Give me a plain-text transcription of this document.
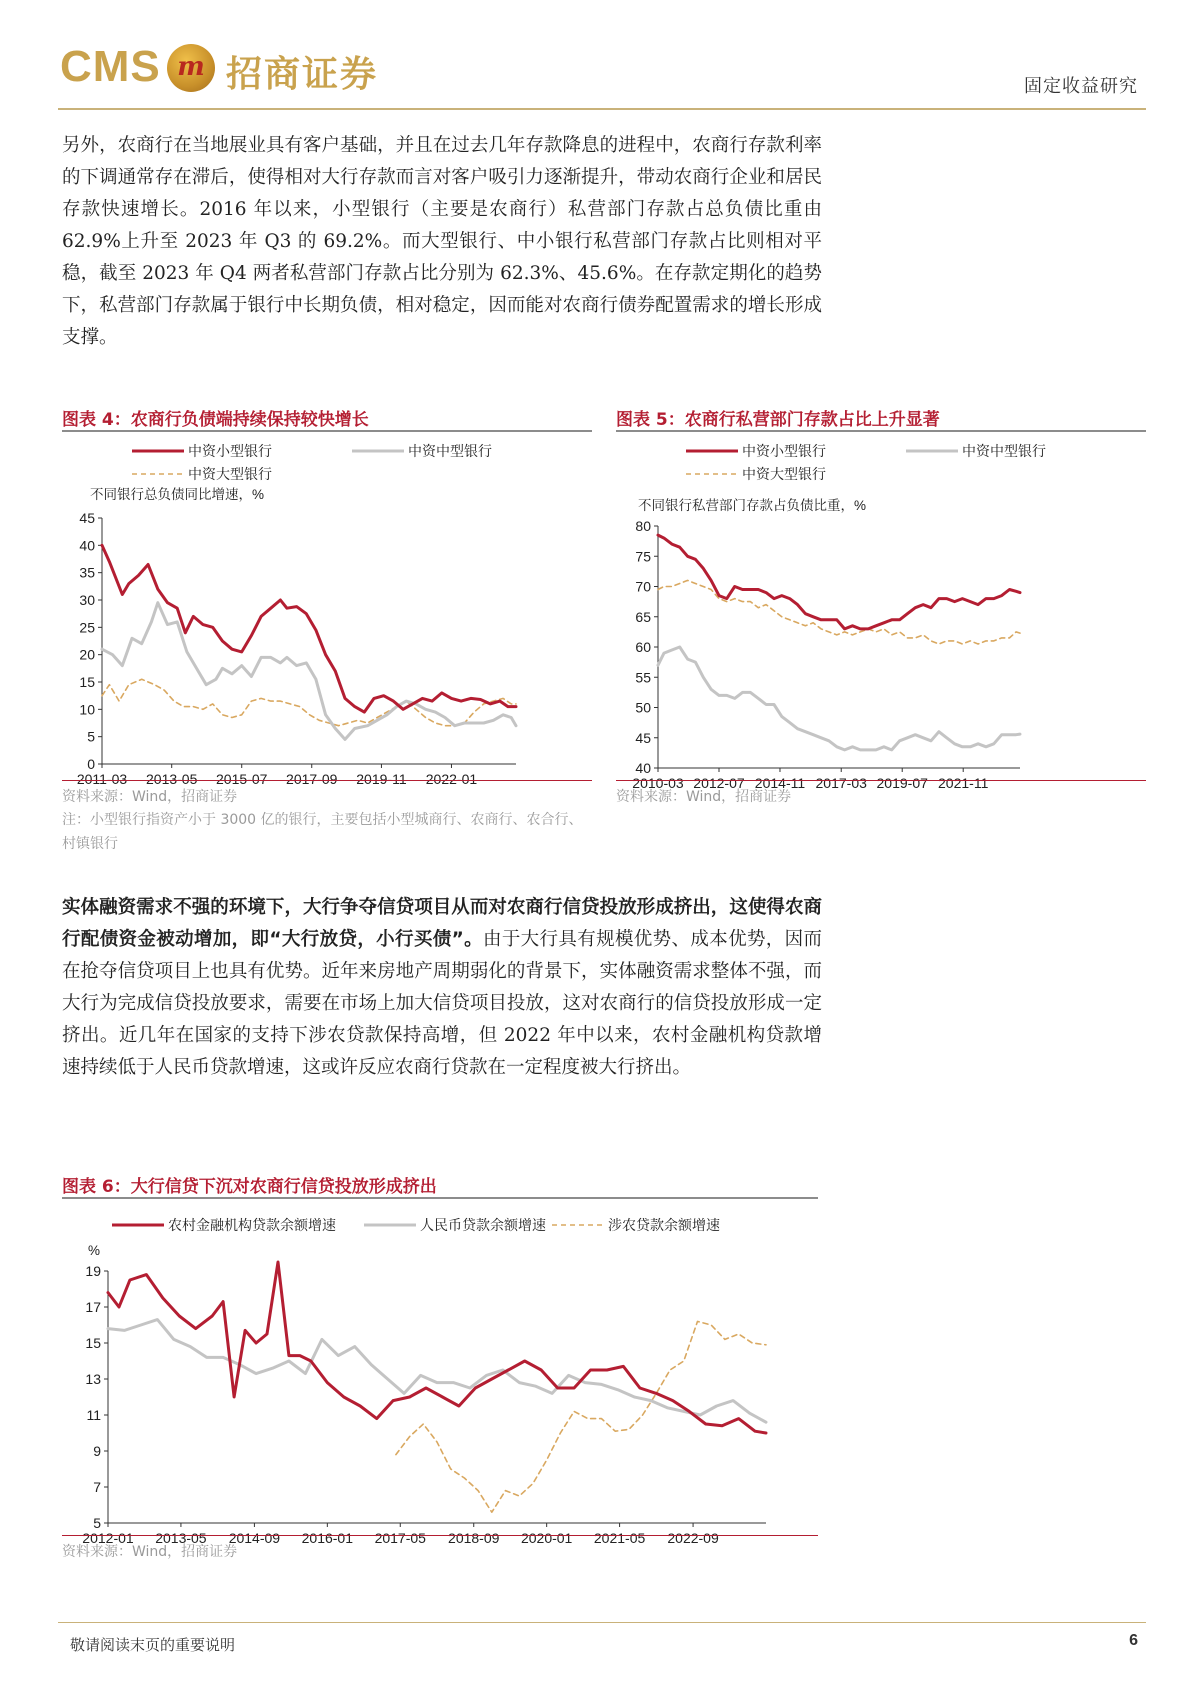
CMS m 招商证券	固定收益研究

另外，农商行在当地展业具有客户基础，并且在过去几年存款降息的进程中，农商行存款利率的下调通常存在滞后，使得相对大行存款而言对客户吸引力逐渐提升，带动农商行企业和居民存款快速增长。2016 年以来，小型银行（主要是农商行）私营部门存款占总负债比重由 62.9%上升至 2023 年 Q3 的 69.2%。而大型银行、中小银行私营部门存款占比则相对平稳，截至 2023 年 Q4 两者私营部门存款占比分别为 62.3%、45.6%。在存款定期化的趋势下，私营部门存款属于银行中长期负债，相对稳定，因而能对农商行债券配置需求的增长形成支撑。

图表 4：农商行负债端持续保持较快增长
中资小型银行	中资中型银行
中资大型银行
不同银行总负债同比增速，%
0
5
10
15
20
25
30
35
40
45
2011-03 2013-05 2015-07 2017-09 2019-11 2022-01
资料来源：Wind，招商证券
注：小型银行指资产小于 3000 亿的银行，主要包括小型城商行、农商行、农合行、村镇银行
图表 5：农商行私营部门存款占比上升显著
中资小型银行	中资中型银行
中资大型银行
不同银行私营部门存款占负债比重，%
40
45
50
55
60
65
70
75
80
2010-03 2012-07 2014-11 2017-03 2019-07 2021-11
资料来源：Wind，招商证券

实体融资需求不强的环境下，大行争夺信贷项目从而对农商行信贷投放形成挤出，这使得农商行配债资金被动增加，即“大行放贷，小行买债”。由于大行具有规模优势、成本优势，因而在抢夺信贷项目上也具有优势。近年来房地产周期弱化的背景下，实体融资需求整体不强，而大行为完成信贷投放要求，需要在市场上加大信贷项目投放，这对农商行的信贷投放形成一定挤出。近几年在国家的支持下涉农贷款保持高增，但 2022 年中以来，农村金融机构贷款增速持续低于人民币贷款增速，这或许反应农商行贷款在一定程度被大行挤出。

图表 6：大行信贷下沉对农商行信贷投放形成挤出
农村金融机构贷款余额增速	人民币贷款余额增速	涉农贷款余额增速
%
5
7
9
11
13
15
17
19
2012-01 2013-05 2014-09 2016-01 2017-05 2018-09 2020-01 2021-05 2022-09
资料来源：Wind，招商证券
敬请阅读末页的重要说明	6
